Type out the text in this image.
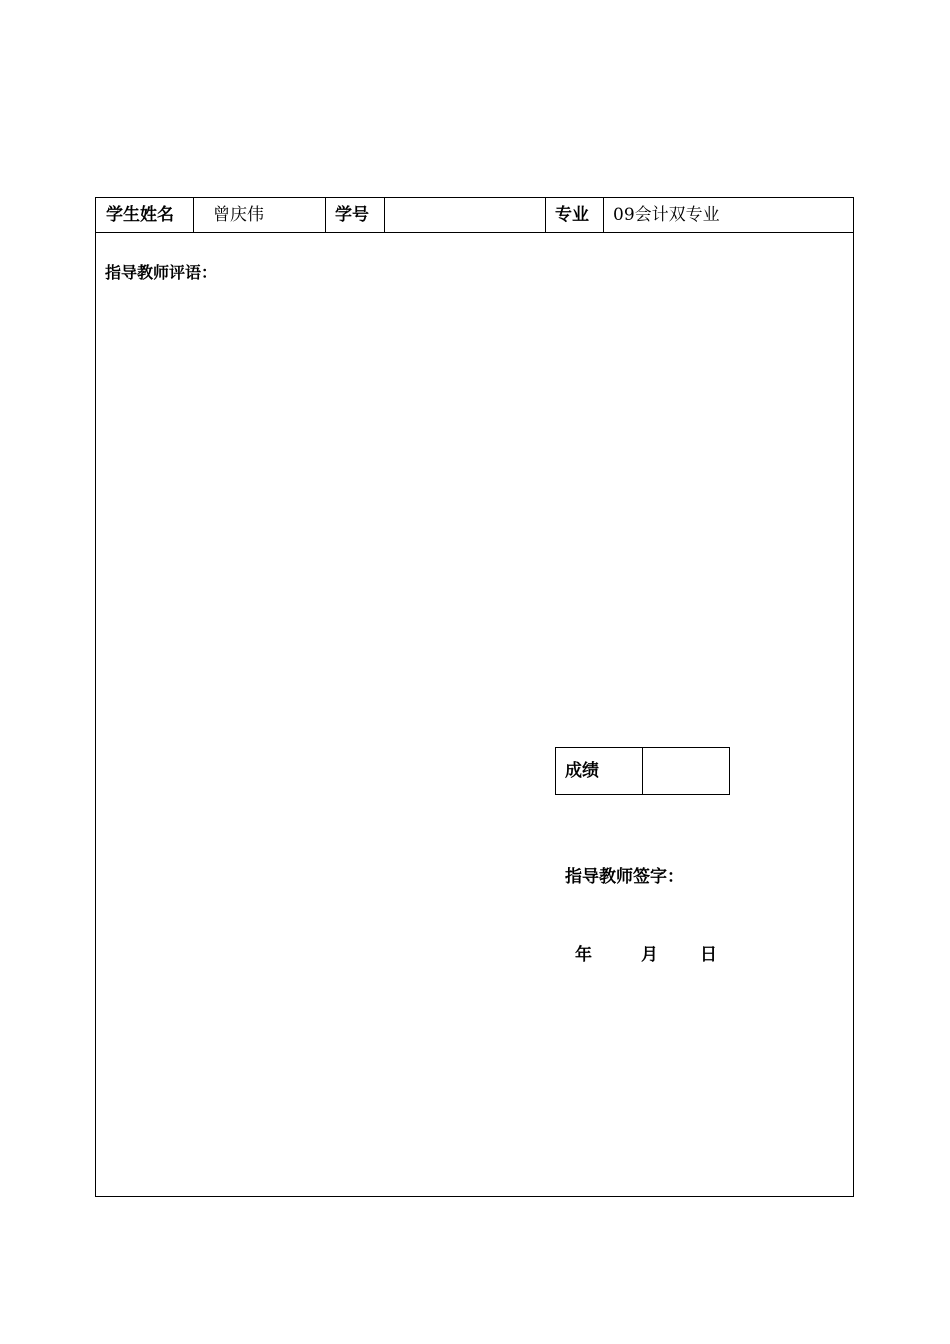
学生姓名 曾庆伟	学号	专业 09会计双专业
指导教师评语：
成绩
指导教师签字：
年	月 日
